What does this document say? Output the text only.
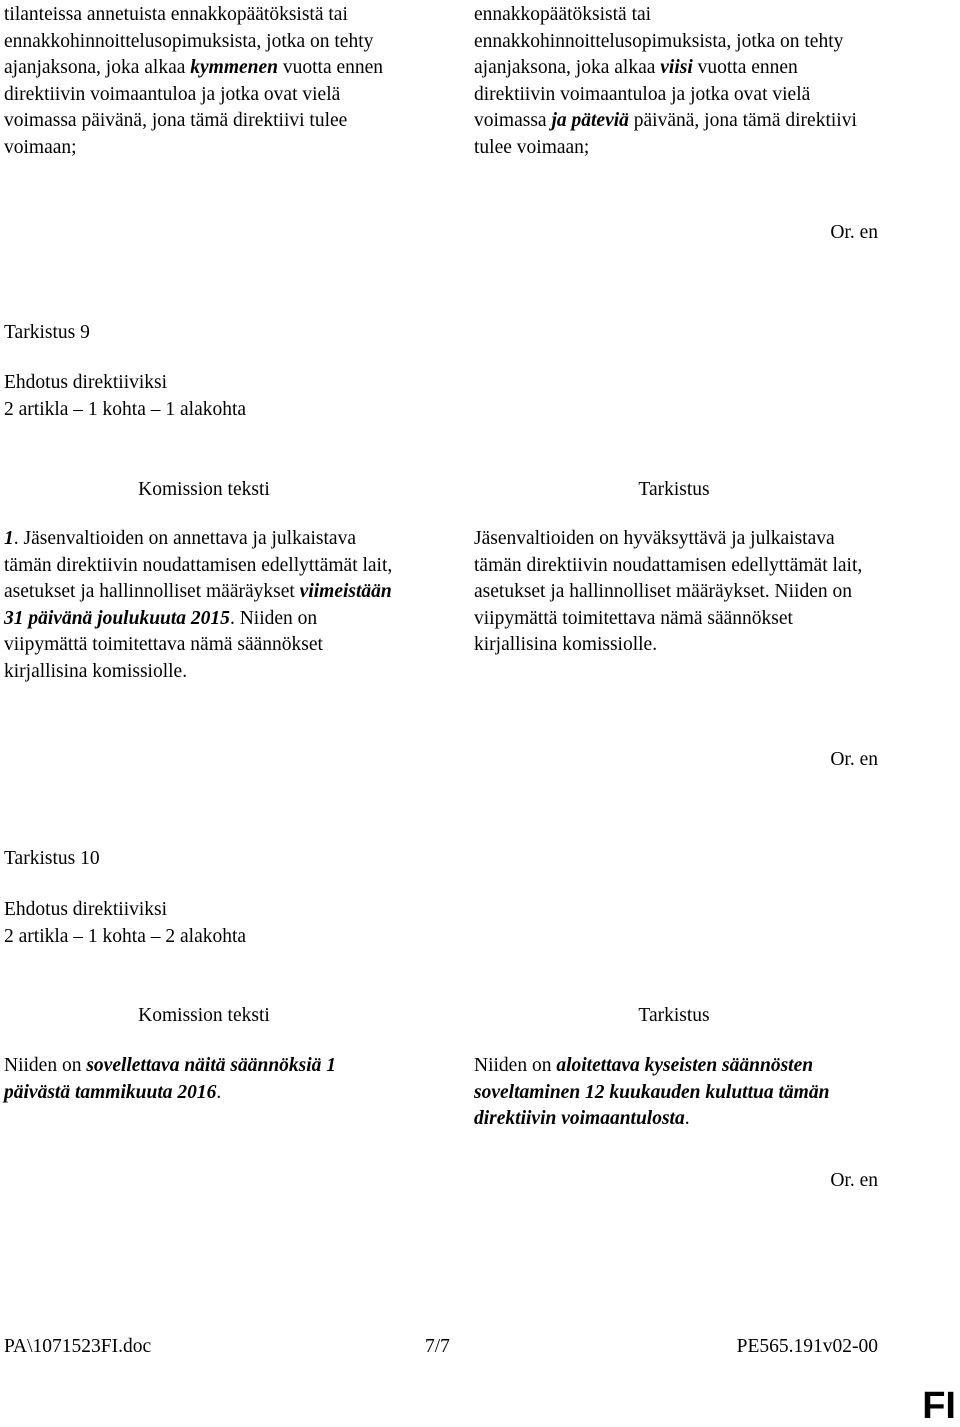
tilanteissa annetuista ennakkopäätöksistä tai ennakkohinnoittelusopimuksista, jotka on tehty ajanjaksona, joka alkaa kymmenen vuotta ennen direktiivin voimaantuloa ja jotka ovat vielä voimassa päivänä, jona tämä direktiivi tulee voimaan;
ennakkopäätöksistä tai ennakkohinnoittelusopimuksista, jotka on tehty ajanjaksona, joka alkaa viisi vuotta ennen direktiivin voimaantuloa ja jotka ovat vielä voimassa ja päteviä päivänä, jona tämä direktiivi tulee voimaan;
Or. en
Tarkistus 9
Ehdotus direktiiviksi
2 artikla – 1 kohta – 1 alakohta
Komission teksti	Tarkistus
1. Jäsenvaltioiden on annettava ja julkaistava tämän direktiivin noudattamisen edellyttämät lait, asetukset ja hallinnolliset määräykset viimeistään 31 päivänä joulukuuta 2015. Niiden on viipymättä toimitettava nämä säännökset kirjallisina komissiolle.
Jäsenvaltioiden on hyväksyttävä ja julkaistava tämän direktiivin noudattamisen edellyttämät lait, asetukset ja hallinnolliset määräykset. Niiden on viipymättä toimitettava nämä säännökset kirjallisina komissiolle.
Or. en
Tarkistus 10
Ehdotus direktiiviksi
2 artikla – 1 kohta – 2 alakohta
Komission teksti	Tarkistus
Niiden on sovellettava näitä säännöksiä 1 päivästä tammikuuta 2016.
Niiden on aloitettava kyseisten säännösten soveltaminen 12 kuukauden kuluttua tämän direktiivin voimaantulosta.
Or. en
PA\1071523FI.doc	7/7	PE565.191v02-00
FI
